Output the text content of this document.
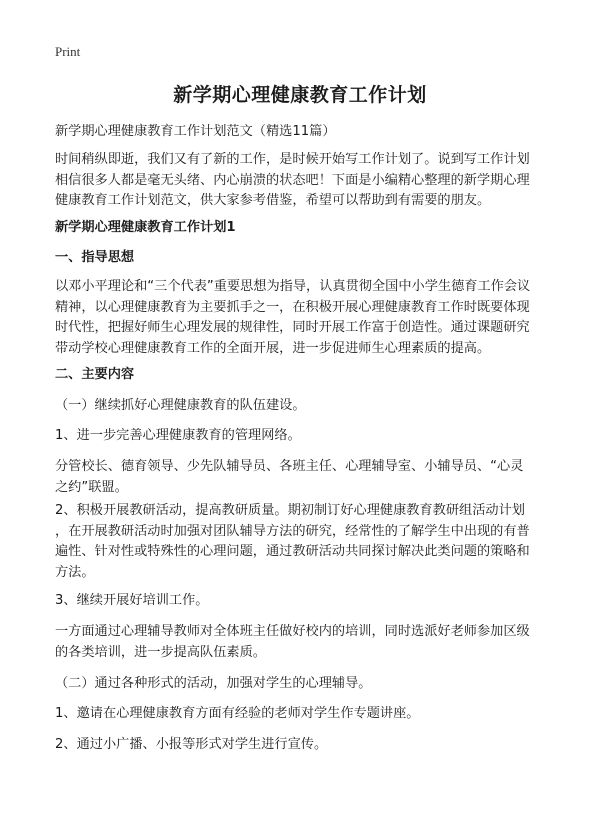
Print
新学期心理健康教育工作计划

新学期心理健康教育工作计划范文（精选11篇）

时间稍纵即逝，我们又有了新的工作，是时候开始写工作计划了。说到写工作计划

相信很多人都是毫无头绪、内心崩溃的状态吧！下面是小编精心整理的新学期心理

健康教育工作计划范文，供大家参考借鉴，希望可以帮助到有需要的朋友。

新学期心理健康教育工作计划1

一、指导思想

以邓小平理论和“三个代表”重要思想为指导，认真贯彻全国中小学生德育工作会议

精神，以心理健康教育为主要抓手之一，在积极开展心理健康教育工作时既要体现

时代性，把握好师生心理发展的规律性，同时开展工作富于创造性。通过课题研究

带动学校心理健康教育工作的全面开展，进一步促进师生心理素质的提高。

二、主要内容

（一）继续抓好心理健康教育的队伍建设。

1、进一步完善心理健康教育的管理网络。

分管校长、德育领导、少先队辅导员、各班主任、心理辅导室、小辅导员、“心灵

之约”联盟。

2、积极开展教研活动，提高教研质量。期初制订好心理健康教育教研组活动计划

，在开展教研活动时加强对团队辅导方法的研究，经常性的了解学生中出现的有普

遍性、针对性或特殊性的心理问题，通过教研活动共同探讨解决此类问题的策略和

方法。

3、继续开展好培训工作。

一方面通过心理辅导教师对全体班主任做好校内的培训，同时选派好老师参加区级

的各类培训，进一步提高队伍素质。

（二）通过各种形式的活动，加强对学生的心理辅导。

1、邀请在心理健康教育方面有经验的老师对学生作专题讲座。

2、通过小广播、小报等形式对学生进行宣传。
